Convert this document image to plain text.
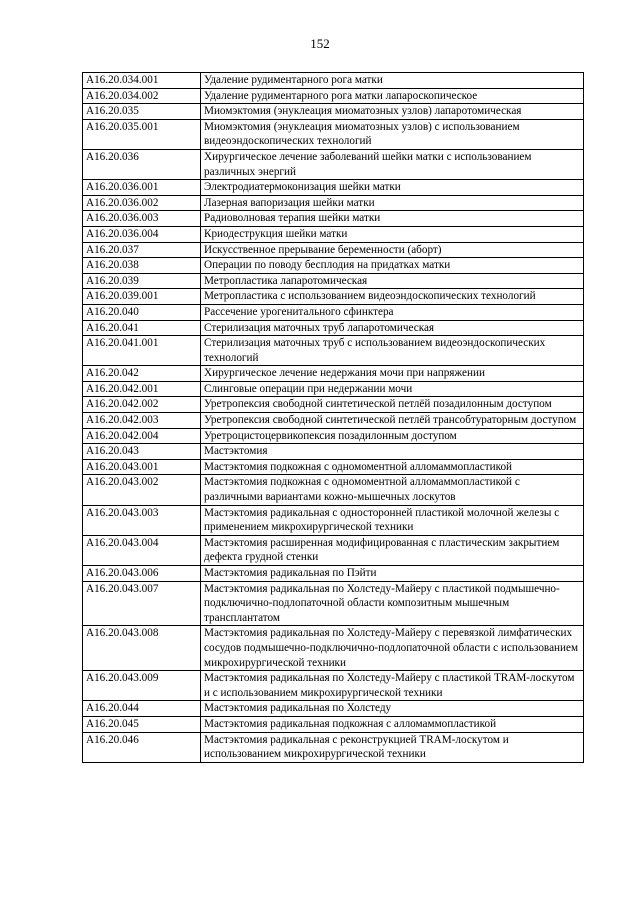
152
A16.20.034.001	Удаление рудиментарного рога матки
A16.20.034.002	Удаление рудиментарного рога матки лапароскопическое
A16.20.035	Миомэктомия (энуклеация миоматозных узлов) лапаротомическая
A16.20.035.001	Миомэктомия (энуклеация миоматозных узлов) с использованием видеоэндоскопических технологий
A16.20.036	Хирургическое лечение заболеваний шейки матки с использованием различных энергий
A16.20.036.001	Электродиатермоконизация шейки матки
A16.20.036.002	Лазерная вапоризация шейки матки
A16.20.036.003	Радиоволновая терапия шейки матки
A16.20.036.004	Криодеструкция шейки матки
A16.20.037	Искусственное прерывание беременности (аборт)
A16.20.038	Операции по поводу бесплодия на придатках матки
A16.20.039	Метропластика лапаротомическая
A16.20.039.001	Метропластика с использованием видеоэндоскопических технологий
A16.20.040	Рассечение урогенитального сфинктера
A16.20.041	Стерилизация маточных труб лапаротомическая
A16.20.041.001	Стерилизация маточных труб с использованием видеоэндоскопических технологий
A16.20.042	Хирургическое лечение недержания мочи при напряжении
A16.20.042.001	Слинговые операции при недержании мочи
A16.20.042.002	Уретропексия свободной синтетической петлёй позадилонным доступом
A16.20.042.003	Уретропексия свободной синтетической петлёй трансобтураторным доступом
A16.20.042.004	Уретроцистоцервикопексия позадилонным доступом
A16.20.043	Мастэктомия
A16.20.043.001	Мастэктомия подкожная с одномоментной алломаммопластикой
A16.20.043.002	Мастэктомия подкожная с одномоментной алломаммопластикой с различными вариантами кожно-мышечных лоскутов
A16.20.043.003	Мастэктомия радикальная с односторонней пластикой молочной железы с применением микрохирургической техники
A16.20.043.004	Мастэктомия расширенная модифицированная с пластическим закрытием дефекта грудной стенки
A16.20.043.006	Мастэктомия радикальная по Пэйти
A16.20.043.007	Мастэктомия радикальная по Холстеду-Майеру с пластикой подмышечно-подключично-подлопаточной области композитным мышечным трансплантатом
A16.20.043.008	Мастэктомия радикальная по Холстеду-Майеру с перевязкой лимфатических сосудов подмышечно-подключично-подлопаточной области с использованием микрохирургической техники
A16.20.043.009	Мастэктомия радикальная по Холстеду-Майеру с пластикой TRAM-лоскутом и с использованием микрохирургической техники
A16.20.044	Мастэктомия радикальная по Холстеду
A16.20.045	Мастэктомия радикальная подкожная с алломаммопластикой
A16.20.046	Мастэктомия радикальная с реконструкцией TRAM-лоскутом и использованием микрохирургической техники
